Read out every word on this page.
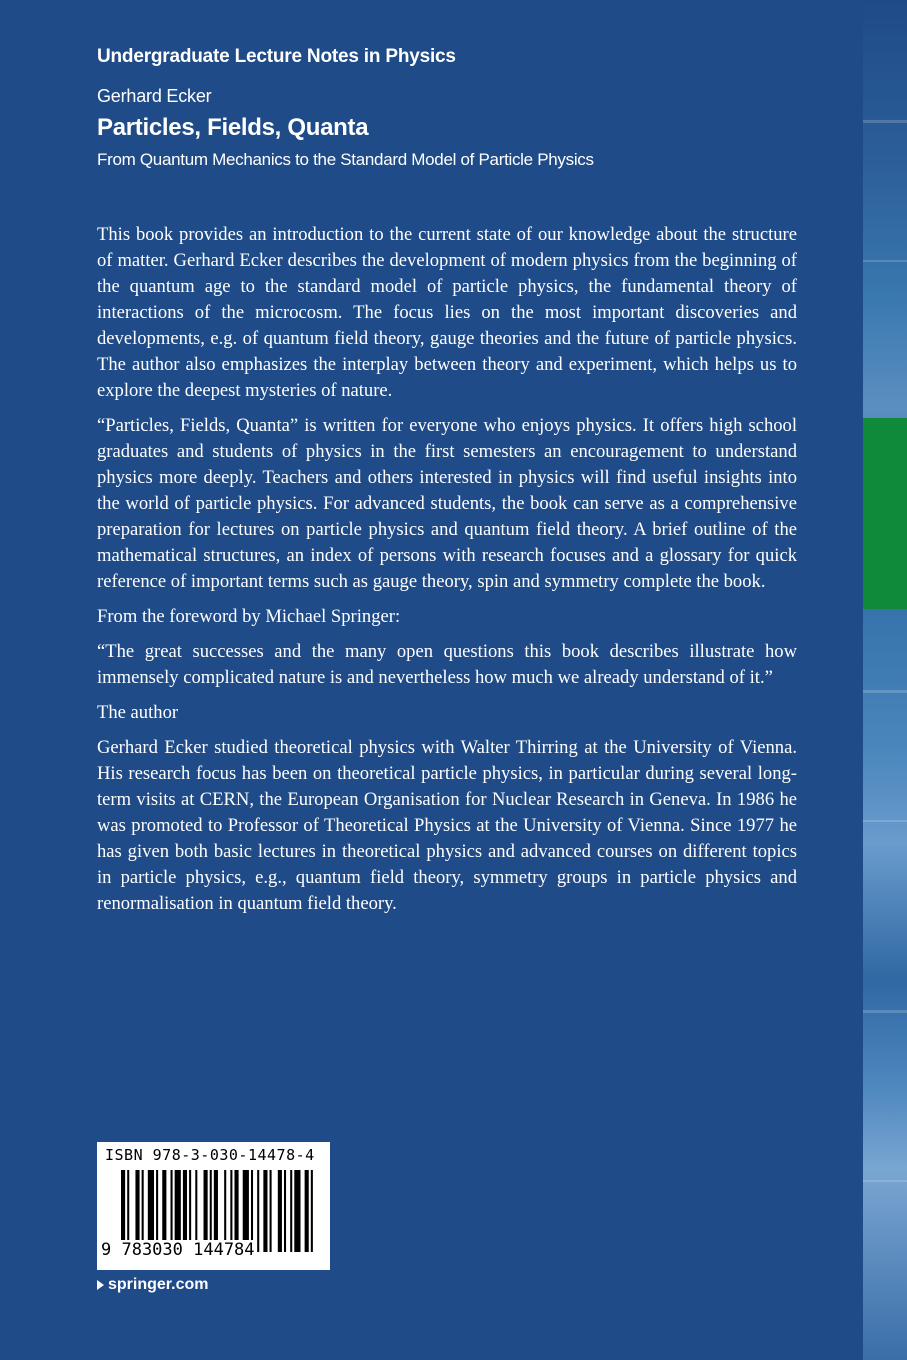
Undergraduate Lecture Notes in Physics
Gerhard Ecker
Particles, Fields, Quanta
From Quantum Mechanics to the Standard Model of Particle Physics

This book provides an introduction to the current state of our knowledge about the structure of matter. Gerhard Ecker describes the development of modern physics from the beginning of the quantum age to the standard model of particle physics, the fundamental theory of interactions of the microcosm. The focus lies on the most important discoveries and developments, e.g. of quantum field theory, gauge theories and the future of particle physics. The author also emphasizes the interplay between theory and experiment, which helps us to explore the deepest mysteries of nature.

“Particles, Fields, Quanta” is written for everyone who enjoys physics. It offers high school graduates and students of physics in the first semesters an encouragement to understand physics more deeply. Teachers and others interested in physics will find useful insights into the world of particle physics. For advanced students, the book can serve as a comprehensive preparation for lectures on particle physics and quantum field theory. A brief outline of the mathematical structures, an index of persons with research focuses and a glossary for quick reference of important terms such as gauge theory, spin and symmetry complete the book.

From the foreword by Michael Springer:

“The great successes and the many open questions this book describes illustrate how immensely complicated nature is and nevertheless how much we already understand of it.”

The author

Gerhard Ecker studied theoretical physics with Walter Thirring at the University of Vienna. His research focus has been on theoretical particle physics, in particular during several long-term visits at CERN, the European Organisation for Nuclear Research in Geneva. In 1986 he was promoted to Professor of Theoretical Physics at the University of Vienna. Since 1977 he has given both basic lectures in theoretical physics and advanced courses on different topics in particle physics, e.g., quantum field theory, symmetry groups in particle physics and renormalisation in quantum field theory.

ISBN 978-3-030-14478-4
9 783030 144784
springer.com
